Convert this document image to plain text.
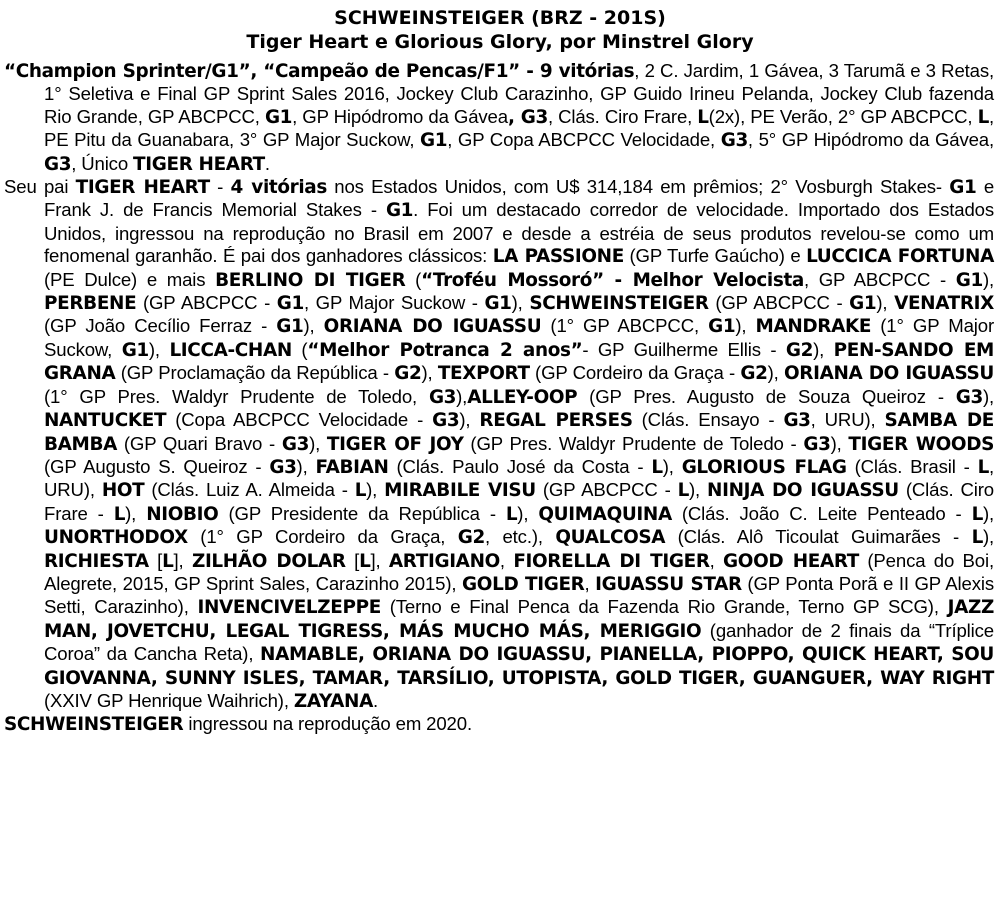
SCHWEINSTEIGER (BRZ - 201S)
Tiger Heart e Glorious Glory, por Minstrel Glory

“Champion Sprinter/G1”, “Campeão de Pencas/F1” - 9 vitórias, 2 C. Jardim, 1 Gávea, 3 Tarumã e 3 Retas, 1° Seletiva e Final GP Sprint Sales 2016, Jockey Club Carazinho, GP Guido Irineu Pelanda, Jockey Club fazenda Rio Grande, GP ABCPCC, G1, GP Hipódromo da Gávea, G3, Clás. Ciro Frare, L(2x), PE Verão, 2° GP ABCPCC, L, PE Pitu da Guanabara, 3° GP Major Suckow, G1, GP Copa ABCPCC Velocidade, G3, 5° GP Hipódromo da Gávea, G3, Único TIGER HEART.

Seu pai TIGER HEART - 4 vitórias nos Estados Unidos, com U$ 314,184 em prêmios; 2° Vosburgh Stakes- G1 e Frank J. de Francis Memorial Stakes - G1. Foi um destacado corredor de velocidade. Importado dos Estados Unidos, ingressou na reprodução no Brasil em 2007 e desde a estréia de seus produtos revelou-se como um fenomenal garanhão. É pai dos ganhadores clássicos: LA PASSIONE (GP Turfe Gaúcho) e LUCCICA FORTUNA (PE Dulce) e mais BERLINO DI TIGER (“Troféu Mossoró” - Melhor Velocista, GP ABCPCC - G1), PERBENE (GP ABCPCC - G1, GP Major Suckow - G1), SCHWEINSTEIGER (GP ABCPCC - G1), VENATRIX (GP João Cecílio Ferraz - G1), ORIANA DO IGUASSU (1° GP ABCPCC, G1), MANDRAKE (1° GP Major Suckow, G1), LICCA-CHAN (“Melhor Potranca 2 anos”- GP Guilherme Ellis - G2), PEN-SANDO EM GRANA (GP Proclamação da República - G2), TEXPORT (GP Cordeiro da Graça - G2), ORIANA DO IGUASSU (1° GP Pres. Waldyr Prudente de Toledo, G3),ALLEY-OOP (GP Pres. Augusto de Souza Queiroz - G3), NANTUCKET (Copa ABCPCC Velocidade - G3), REGAL PERSES (Clás. Ensayo - G3, URU), SAMBA DE BAMBA (GP Quari Bravo - G3), TIGER OF JOY (GP Pres. Waldyr Prudente de Toledo - G3), TIGER WOODS (GP Augusto S. Queiroz - G3), FABIAN (Clás. Paulo José da Costa - L), GLORIOUS FLAG (Clás. Brasil - L, URU), HOT (Clás. Luiz A. Almeida - L), MIRABILE VISU (GP ABCPCC - L), NINJA DO IGUASSU (Clás. Ciro Frare - L), NIOBIO (GP Presidente da República - L), QUIMAQUINA (Clás. João C. Leite Penteado - L), UNORTHODOX (1° GP Cordeiro da Graça, G2, etc.), QUALCOSA (Clás. Alô Ticoulat Guimarães - L), RICHIESTA [L], ZILHÃO DOLAR [L], ARTIGIANO, FIORELLA DI TIGER, GOOD HEART (Penca do Boi, Alegrete, 2015, GP Sprint Sales, Carazinho 2015), GOLD TIGER, IGUASSU STAR (GP Ponta Porã e II GP Alexis Setti, Carazinho), INVENCIVELZEPPE (Terno e Final Penca da Fazenda Rio Grande, Terno GP SCG), JAZZ MAN, JOVETCHU, LEGAL TIGRESS, MÁS MUCHO MÁS, MERIGGIO (ganhador de 2 finais da “Tríplice Coroa” da Cancha Reta), NAMABLE, ORIANA DO IGUASSU, PIANELLA, PIOPPO, QUICK HEART, SOU GIOVANNA, SUNNY ISLES, TAMAR, TARSÍLIO, UTOPISTA, GOLD TIGER, GUANGUER, WAY RIGHT (XXIV GP Henrique Waihrich), ZAYANA.

SCHWEINSTEIGER ingressou na reprodução em 2020.
